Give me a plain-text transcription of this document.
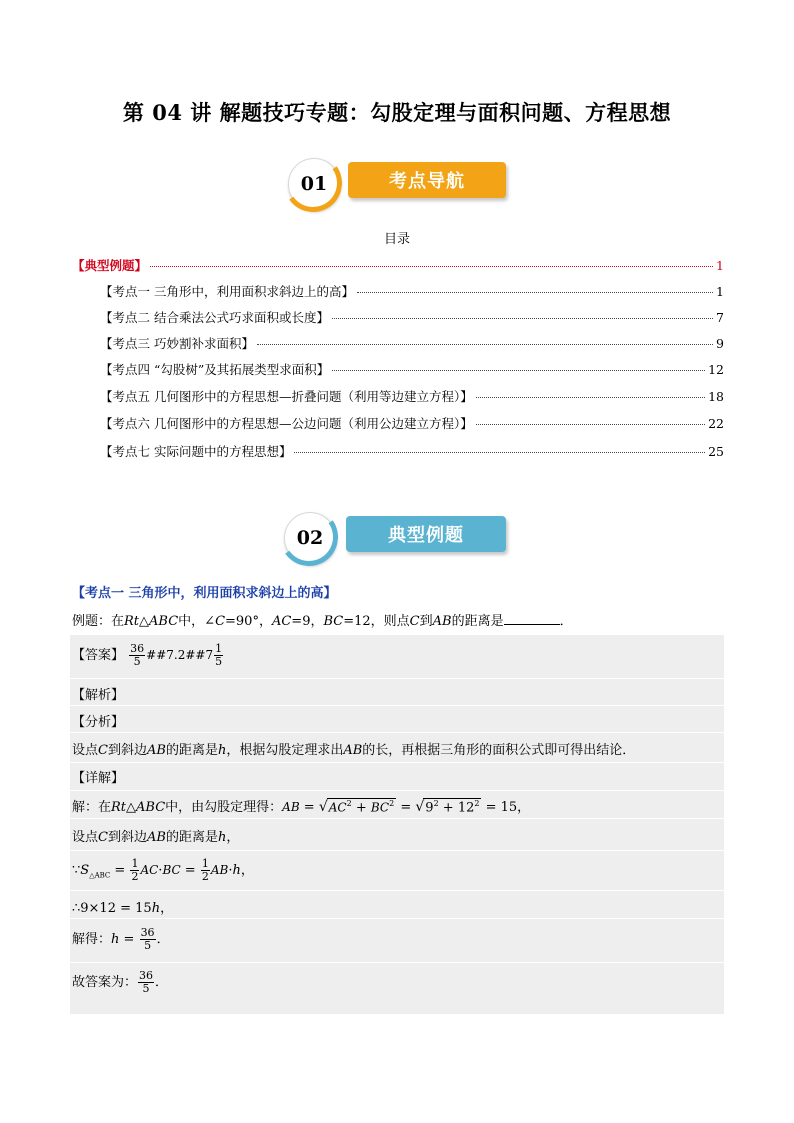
第 04 讲 解题技巧专题：勾股定理与面积问题、方程思想
01	考点导航
目录
【典型例题】	1
【考点一 三角形中，利用面积求斜边上的高】	1
【考点二 结合乘法公式巧求面积或长度】	7
【考点三 巧妙割补求面积】	9
【考点四 “勾股树”及其拓展类型求面积】	12
【考点五 几何图形中的方程思想—折叠问题（利用等边建立方程）】	18
【考点六 几何图形中的方程思想—公边问题（利用公边建立方程）】	22
【考点七 实际问题中的方程思想】	25
02	典型例题
【考点一 三角形中，利用面积求斜边上的高】
例题：在Rt△ABC中，∠C=90°，AC=9，BC=12，则点C到AB的距离是	．
【答案】 $\frac{36}{5}$ ##7.2##7 $\frac{1}{5}$
【解析】
【分析】
设点C到斜边AB的距离是h，根据勾股定理求出AB的长，再根据三角形的面积公式即可得出结论．
【详解】
解：在Rt△ABC中，由勾股定理得：AB = $√AC^2 + BC^2 = √9^2 + 12^2 = 15$，
设点C到斜边AB的距离是h，
$\because S_{\triangle ABC} = \frac{1}{2} AC\cdot BC = \frac{1}{2} AB\cdot h$，
∴9×12 = 15h，
解得：$h = \frac{36}{5}$ ．
故答案为： $\frac{36}{5}$ ．
